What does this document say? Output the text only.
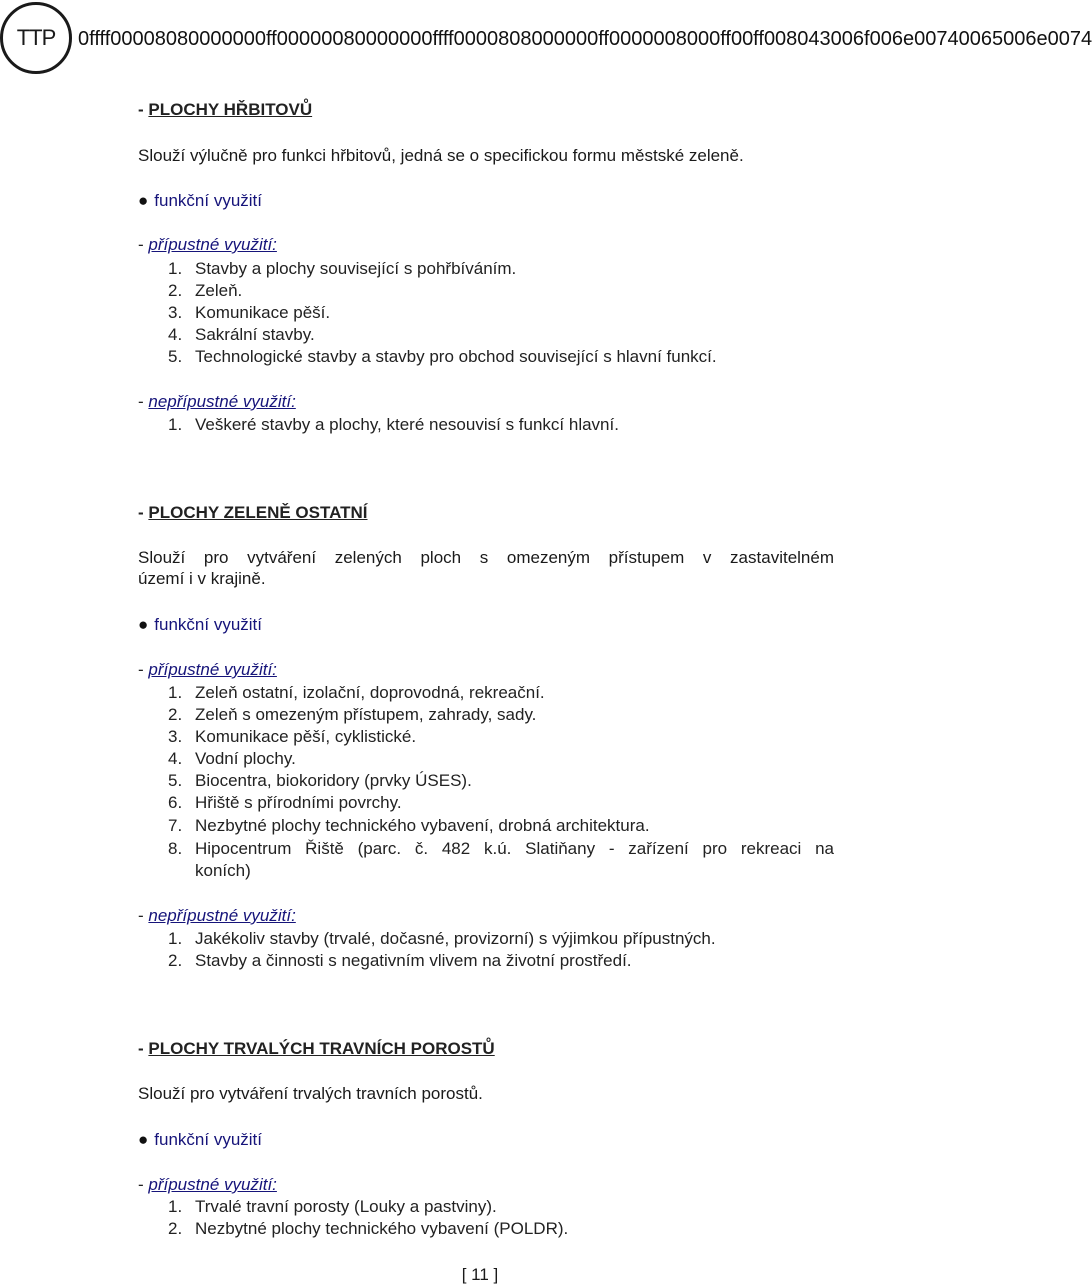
TTP 0ffff00008080000000ff00000080000000ffff0000808000000ff0000008000ff00ff008043006f006e00740065006e0074
- PLOCHY HŘBITOVŮ
Slouží výlučně pro funkci hřbitovů, jedná se o specifickou formu městské zeleně.
● funkční využití
- přípustné využití:
1. Stavby a plochy související s pohřbíváním.
2. Zeleň.
3. Komunikace pěší.
4. Sakrální stavby.
5. Technologické stavby a stavby pro obchod související s hlavní funkcí.
- nepřípustné využití:
1. Veškeré stavby a plochy, které nesouvisí s funkcí hlavní.
- PLOCHY ZELENĚ OSTATNÍ
Slouží pro vytváření zelených ploch s omezeným přístupem v zastavitelném
území i v krajině.
● funkční využití
- přípustné využití:
1. Zeleň ostatní, izolační, doprovodná, rekreační.
2. Zeleň s omezeným přístupem, zahrady, sady.
3. Komunikace pěší, cyklistické.
4. Vodní plochy.
5. Biocentra, biokoridory (prvky ÚSES).
6. Hřiště s přírodními povrchy.
7. Nezbytné plochy technického vybavení, drobná architektura.
8. Hipocentrum Řiště (parc. č. 482 k.ú. Slatiňany - zařízení pro rekreaci na
koních)
- nepřípustné využití:
1. Jakékoliv stavby (trvalé, dočasné, provizorní) s výjimkou přípustných.
2. Stavby a činnosti s negativním vlivem na životní prostředí.
- PLOCHY TRVALÝCH TRAVNÍCH POROSTŮ
Slouží pro vytváření trvalých travních porostů.
● funkční využití
- přípustné využití:
1. Trvalé travní porosty (Louky a pastviny).
2. Nezbytné plochy technického vybavení (POLDR).
[ 11 ]
